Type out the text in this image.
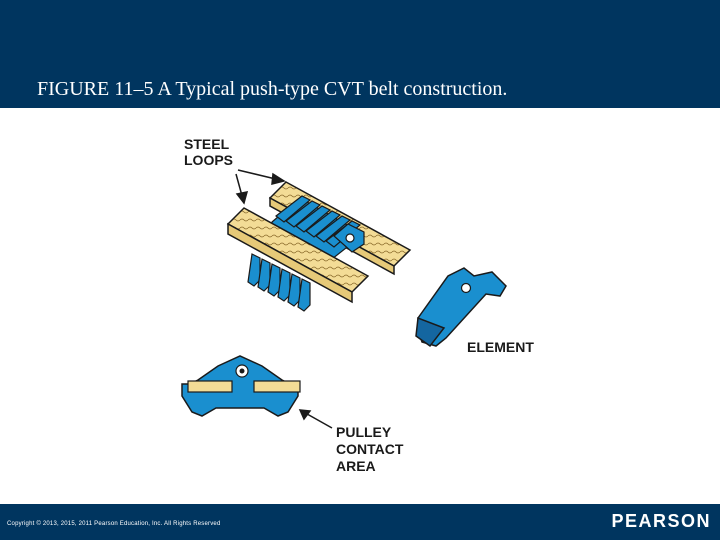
FIGURE 11–5 A Typical push-type CVT belt construction.
STEEL
LOOPS
ELEMENT
PULLEY
CONTACT
AREA
Copyright © 2013, 2015, 2011 Pearson Education, Inc. All Rights Reserved	PEARSON
